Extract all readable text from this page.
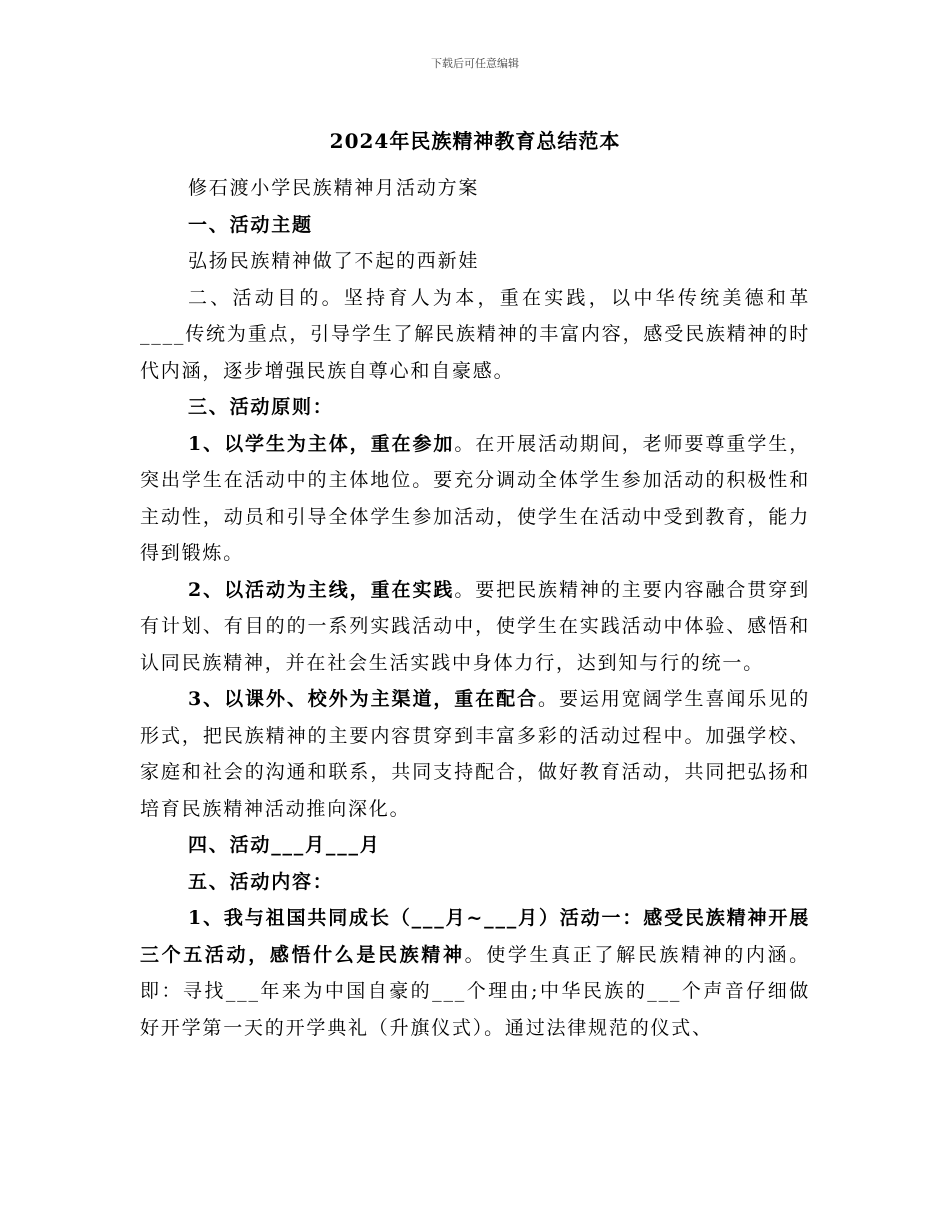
下载后可任意编辑
2024年民族精神教育总结范本

修石渡小学民族精神月活动方案

一、活动主题

弘扬民族精神做了不起的西新娃

二、活动目的。坚持育人为本，重在实践，以中华传统美德和革____传统为重点，引导学生了解民族精神的丰富内容，感受民族精神的时代内涵，逐步增强民族自尊心和自豪感。

三、活动原则：

1、以学生为主体，重在参加。在开展活动期间，老师要尊重学生，突出学生在活动中的主体地位。要充分调动全体学生参加活动的积极性和主动性，动员和引导全体学生参加活动，使学生在活动中受到教育，能力得到锻炼。

2、以活动为主线，重在实践。要把民族精神的主要内容融合贯穿到有计划、有目的的一系列实践活动中，使学生在实践活动中体验、感悟和认同民族精神，并在社会生活实践中身体力行，达到知与行的统一。

3、以课外、校外为主渠道，重在配合。要运用宽阔学生喜闻乐见的形式，把民族精神的主要内容贯穿到丰富多彩的活动过程中。加强学校、家庭和社会的沟通和联系，共同支持配合，做好教育活动，共同把弘扬和培育民族精神活动推向深化。

四、活动___月___月

五、活动内容：

1、我与祖国共同成长（___月~___月）活动一：感受民族精神开展三个五活动，感悟什么是民族精神。使学生真正了解民族精神的内涵。即：寻找___年来为中国自豪的___个理由;中华民族的___个声音仔细做好开学第一天的开学典礼（升旗仪式）。通过法律规范的仪式、
